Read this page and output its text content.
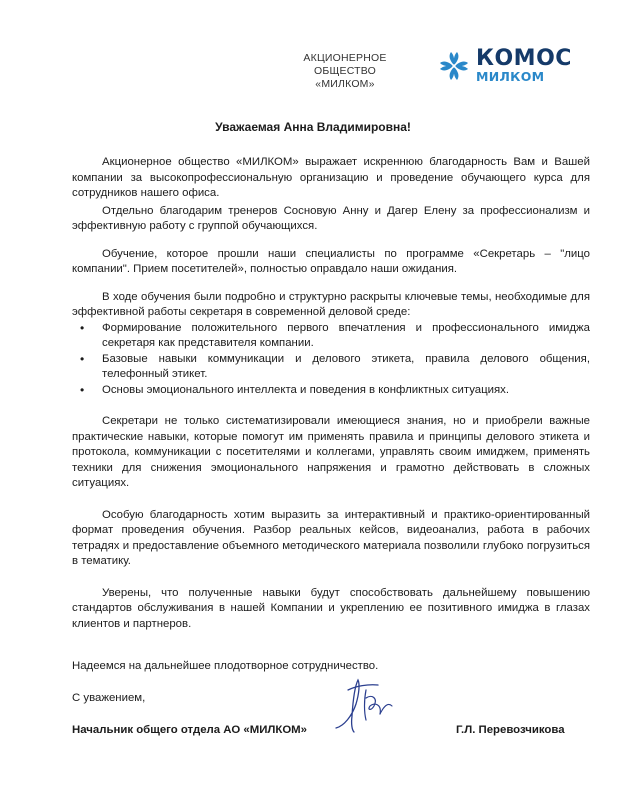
АКЦИОНЕРНОЕ
ОБЩЕСТВО
«МИЛКОМ»
КОМОС
МИЛКОМ
Уважаемая Анна Владимировна!

Акционерное общество «МИЛКОМ» выражает искреннюю благодарность Вам и Вашей компании за высокопрофессиональную организацию и проведение обучающего курса для сотрудников нашего офиса.

Отдельно благодарим тренеров Сосновую Анну и Дагер Елену за профессионализм и эффективную работу с группой обучающихся.

Обучение, которое прошли наши специалисты по программе «Секретарь – "лицо компании". Прием посетителей», полностью оправдало наши ожидания.

В ходе обучения были подробно и структурно раскрыты ключевые темы, необходимые для эффективной работы секретаря в современной деловой среде:

• Формирование положительного первого впечатления и профессионального имиджа секретаря как представителя компании.
• Базовые навыки коммуникации и делового этикета, правила делового общения, телефонный этикет.
• Основы эмоционального интеллекта и поведения в конфликтных ситуациях.

Секретари не только систематизировали имеющиеся знания, но и приобрели важные практические навыки, которые помогут им применять правила и принципы делового этикета и протокола, коммуникации с посетителями и коллегами, управлять своим имиджем, применять техники для снижения эмоционального напряжения и грамотно действовать в сложных ситуациях.

Особую благодарность хотим выразить за интерактивный и практико-ориентированный формат проведения обучения. Разбор реальных кейсов, видеоанализ, работа в рабочих тетрадях и предоставление объемного методического материала позволили глубоко погрузиться в тематику.

Уверены, что полученные навыки будут способствовать дальнейшему повышению стандартов обслуживания в нашей Компании и укреплению ее позитивного имиджа в глазах клиентов и партнеров.

Надеемся на дальнейшее плодотворное сотрудничество.
С уважением,
Начальник общего отдела АО «МИЛКОМ»	Г.Л. Перевозчикова
